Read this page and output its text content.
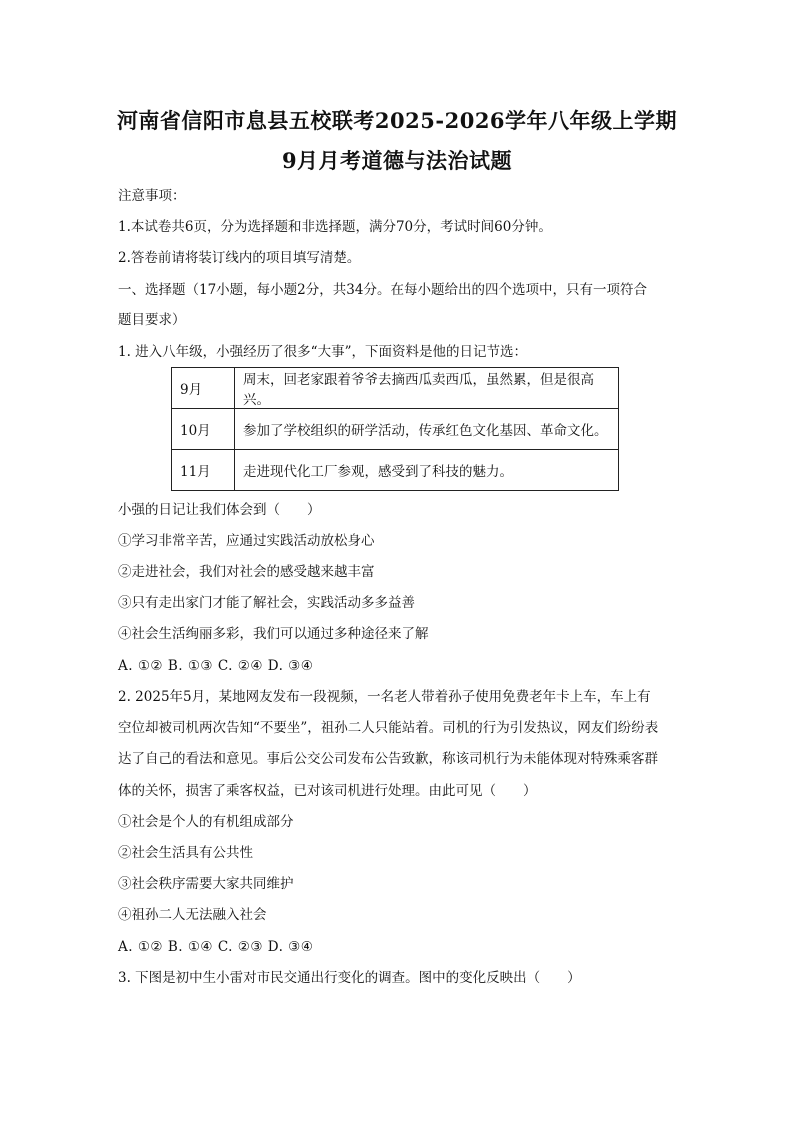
河南省信阳市息县五校联考2025-2026学年八年级上学期
9月月考道德与法治试题
注意事项：
1.本试卷共6页，分为选择题和非选择题，满分70分，考试时间60分钟。
2.答卷前请将装订线内的项目填写清楚。
一、选择题（17小题，每小题2分，共34分。在每小题给出的四个选项中，只有一项符合
题目要求）
1. 进入八年级，小强经历了很多“大事”，下面资料是他的日记节选：
9月	周末，回老家跟着爷爷去摘西瓜卖西瓜，虽然累，但是很高兴。
10月	参加了学校组织的研学活动，传承红色文化基因、革命文化。
11月	走进现代化工厂参观，感受到了科技的魅力。
小强的日记让我们体会到（　　）
①学习非常辛苦，应通过实践活动放松身心
②走进社会，我们对社会的感受越来越丰富
③只有走出家门才能了解社会，实践活动多多益善
④社会生活绚丽多彩，我们可以通过多种途径来了解
A. ①② B. ①③ C. ②④ D. ③④
2. 2025年5月，某地网友发布一段视频，一名老人带着孙子使用免费老年卡上车，车上有
空位却被司机两次告知“不要坐”，祖孙二人只能站着。司机的行为引发热议，网友们纷纷表
达了自己的看法和意见。事后公交公司发布公告致歉，称该司机行为未能体现对特殊乘客群
体的关怀，损害了乘客权益，已对该司机进行处理。由此可见（　　）
①社会是个人的有机组成部分
②社会生活具有公共性
③社会秩序需要大家共同维护
④祖孙二人无法融入社会
A. ①② B. ①④ C. ②③ D. ③④
3. 下图是初中生小雷对市民交通出行变化的调查。图中的变化反映出（　　）
